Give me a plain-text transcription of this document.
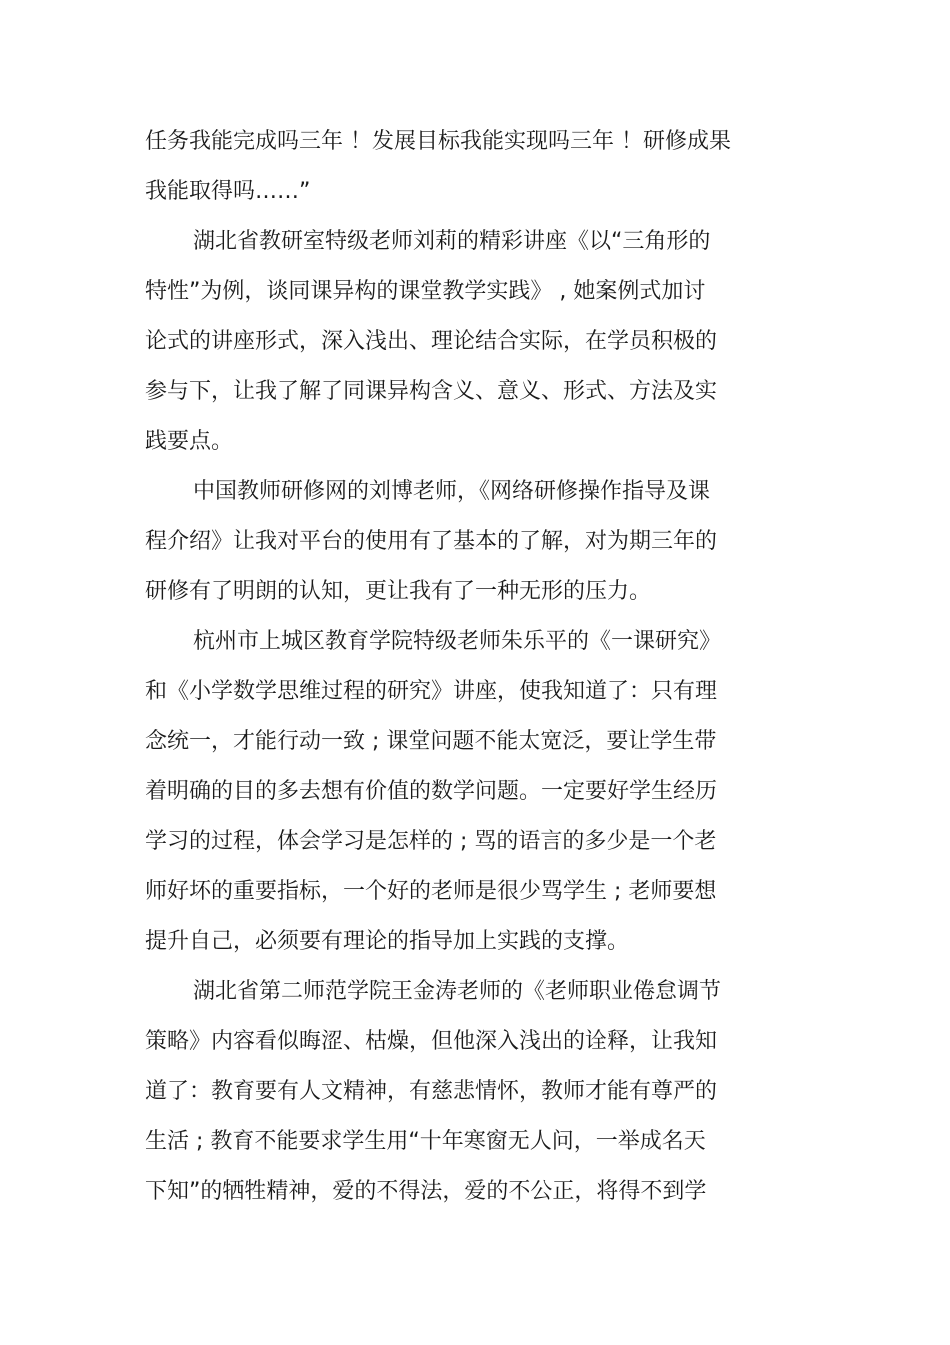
任务我能完成吗三年 ！发展目标我能实现吗三年 ！研修成果

我能取得吗……”

湖北省教研室特级老师刘莉的精彩讲座《以“三角形的

特性”为例，谈同课异构的课堂教学实践》 , 她案例式加讨

论式的讲座形式，深入浅出、理论结合实际，在学员积极的

参与下，让我了解了同课异构含义、意义、形式、方法及实

践要点。

中国教师研修网的刘博老师，《网络研修操作指导及课

程介绍》让我对平台的使用有了基本的了解，对为期三年的

研修有了明朗的认知，更让我有了一种无形的压力。

杭州市上城区教育学院特级老师朱乐平的《一课研究》

和《小学数学思维过程的研究》讲座，使我知道了：只有理

念统一，才能行动一致 ; 课堂问题不能太宽泛，要让学生带

着明确的目的多去想有价值的数学问题。一定要好学生经历

学习的过程，体会学习是怎样的 ; 骂的语言的多少是一个老

师好坏的重要指标，一个好的老师是很少骂学生 ; 老师要想

提升自己，必须要有理论的指导加上实践的支撑。

湖北省第二师范学院王金涛老师的《老师职业倦怠调节

策略》内容看似晦涩、枯燥，但他深入浅出的诠释，让我知

道了：教育要有人文精神，有慈悲情怀，教师才能有尊严的

生活 ; 教育不能要求学生用“十年寒窗无人问，一举成名天

下知”的牺牲精神，爱的不得法，爱的不公正，将得不到学
